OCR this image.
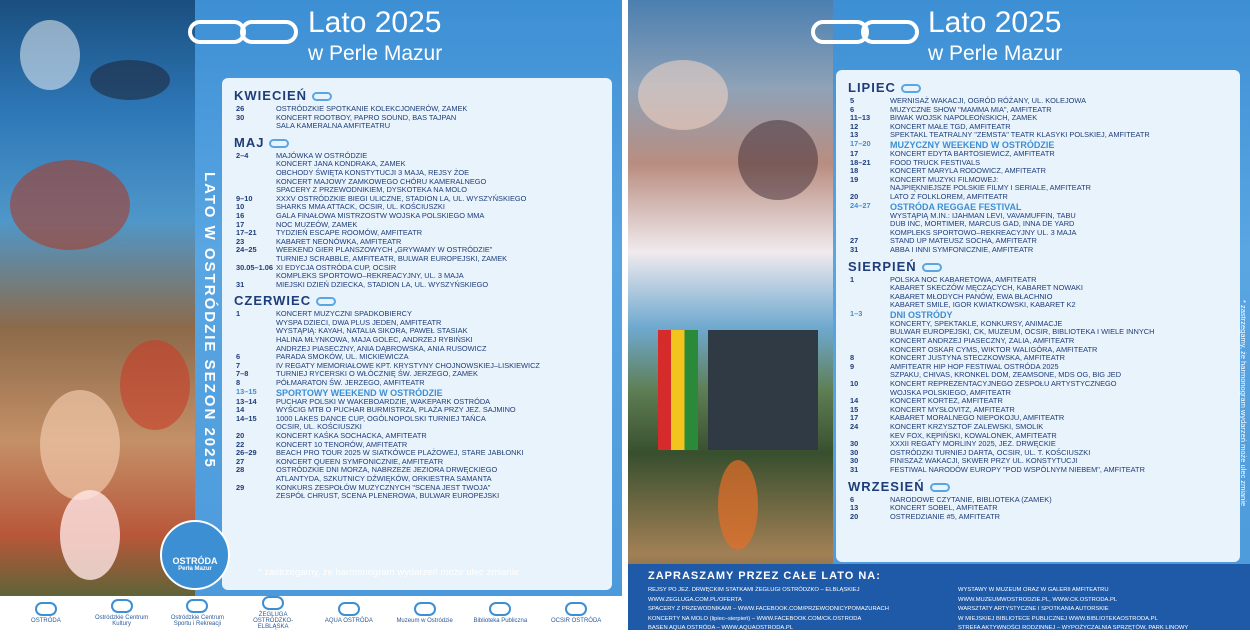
Lato 2025
w Perle Mazur
LATO W OSTRÓDZIE SEZON 2025
KWIECIEŃ
26	OSTRÓDZKIE SPOTKANIE KOLEKCJONERÓW, ZAMEK
30	KONCERT ROOTBOY, PAPRO SOUND, BAS TAJPAN
SALA KAMERALNA AMFITEATRU
MAJ
2–4	MAJÓWKA W OSTRÓDZIE
KONCERT JANA KONDRAKA, ZAMEK
OBCHODY ŚWIĘTA KONSTYTUCJI 3 MAJA, REJSY ŻOE
KONCERT MAJOWY ZAMKOWEGO CHÓRU KAMERALNEGO
SPACERY Z PRZEWODNIKIEM, DYSKOTEKA NA MOLO
9–10	XXXV OSTRÓDZKIE BIEGI ULICZNE, STADION LA, UL. WYSZYŃSKIEGO
10	SHARKS MMA ATTACK, OCSIR, UL. KOŚCIUSZKI
16	GALA FINAŁOWA MISTRZOSTW WOJSKA POLSKIEGO MMA
17	NOC MUZEÓW, ZAMEK
17–21	TYDZIEŃ ESCAPE ROOMÓW, AMFITEATR
23	KABARET NEONÓWKA, AMFITEATR
24–25	WEEKEND GIER PLANSZOWYCH „GRYWAMY W OSTRÓDZIE"
TURNIEJ SCRABBLE, AMFITEATR, BULWAR EUROPEJSKI, ZAMEK
30.05–1.06 XI EDYCJA OSTRÓDA CUP, OCSIR
KOMPLEKS SPORTOWO–REKREACYJNY, UL. 3 MAJA
31	MIEJSKI DZIEŃ DZIECKA, STADION LA, UL. WYSZYŃSKIEGO
CZERWIEC
1	KONCERT MUZYCZNI SPADKOBIERCY
WYSPA DZIECI, DWA PLUS JEDEN, AMFITEATR
WYSTĄPIĄ: KAYAH, NATALIA SIKORA, PAWEŁ STASIAK
HALINA MŁYNKOWA, MAJA GOLEC, ANDRZEJ RYBIŃSKI
ANDRZEJ PIASECZNY, ANIA DĄBROWSKA, ANIA RUSOWICZ
6	PARADA SMOKÓW, UL. MICKIEWICZA
7	IV REGATY MEMORIAŁOWE KPT. KRYSTYNY CHOJNOWSKIEJ–LISKIEWICZ
7–8	TURNIEJ RYCERSKI O WŁÓCZNIĘ ŚW. JERZEGO, ZAMEK
8	PÓŁMARATON ŚW. JERZEGO, AMFITEATR
13–15	SPORTOWY WEEKEND W OSTRÓDZIE
13–14	PUCHAR POLSKI W WAKEBOARDZIE, WAKEPARK OSTRÓDA
14	WYŚCIG MTB O PUCHAR BURMISTRZA, PLAŻA PRZY JEZ. SAJMINO
14–15	1000 LAKES DANCE CUP, OGÓLNOPOLSKI TURNIEJ TAŃCA
OCSIR, UL. KOŚCIUSZKI
20	KONCERT KAŚKA SOCHACKA, AMFITEATR
22	KONCERT 10 TENORÓW, AMFITEATR
26–29	BEACH PRO TOUR 2025 W SIATKÓWCE PLAŻOWEJ, STARE JABŁONKI
27	KONCERT QUEEN SYMFONICZNIE, AMFITEATR
28	OSTRÓDZKIE DNI MORZA, NABRZEŻE JEZIORA DRWĘCKIEGO
ATLANTYDA, SZKUTNICY DŹWIĘKÓW, ORKIESTRA SAMANTA
29	KONKURS ZESPOŁÓW MUZYCZNYCH "SCENA JEST TWOJA"
ZESPÓŁ CHRUST, SCENA PLENEROWA, BULWAR EUROPEJSKI
OSTRÓDA
Perła Mazur	* zastrzegamy, że harmonogram wydarzeń może ulec zmianie
OSTRÓDA	Ostródzkie Centrum Kultury
Ostródzkie Centrum Sportu i Rekreacji
ŻEGLUGA OSTRÓDZKO-ELBLĄSKA
AQUA OSTRÓDA	Muzeum w Ostródzie	Biblioteka Publiczna	OCSIR OSTRÓDA
Lato 2025
w Perle Mazur
LIPIEC
5	WERNISAŻ WAKACJI, OGRÓD RÓŻANY, UL. KOLEJOWA
6	MUZYCZNE SHOW "MAMMA MIA", AMFITEATR
11–13	BIWAK WOJSK NAPOLEOŃSKICH, ZAMEK
12	KONCERT MAŁE TGD, AMFITEATR
13	SPEKTAKL TEATRALNY "ZEMSTA" TEATR KLASYKI POLSKIEJ, AMFITEATR
17–20	MUZYCZNY WEEKEND W OSTRÓDZIE
17	KONCERT EDYTA BARTOSIEWICZ, AMFITEATR
18–21	FOOD TRUCK FESTIVALS
18	KONCERT MARYLA RODOWICZ, AMFITEATR
19	KONCERT MUZYKI FILMOWEJ:
NAJPIĘKNIEJSZE POLSKIE FILMY I SERIALE, AMFITEATR
20	LATO Z FOLKLOREM, AMFITEATR
24–27	OSTRÓDA REGGAE FESTIVAL
WYSTĄPIĄ M.IN.: IJAHMAN LEVI, VAVAMUFFIN, TABU
DUB INC, MORTIMER, MARCUS GAD, INNA DE YARD
KOMPLEKS SPORTOWO–REKREACYJNY UL. 3 MAJA
27	STAND UP MATEUSZ SOCHA, AMFITEATR
31	ABBA I INNI SYMFONICZNIE, AMFITEATR
SIERPIEŃ
1	POLSKA NOC KABARETOWA, AMFITEATR
KABARET SKECZÓW MĘCZĄCYCH, KABARET NOWAKI
KABARET MŁODYCH PANÓW, EWA BŁACHNIO
KABARET SMILE, IGOR KWIATKOWSKI, KABARET K2
1–3	DNI OSTRÓDY
KONCERTY, SPEKTAKLE, KONKURSY, ANIMACJE
BULWAR EUROPEJSKI, CK, MUZEUM, OCSIR, BIBLIOTEKA I WIELE INNYCH
KONCERT ANDRZEJ PIASECZNY, ZALIA, AMFITEATR
KONCERT OSKAR CYMS, WIKTOR WALIGÓRA, AMFITEATR
8	KONCERT JUSTYNA STECZKOWSKA, AMFITEATR
9	AMFITEATR HIP HOP FESTIWAL OSTRÓDA 2025
SZPAKU, CHIVAS, KRONKEL DOM, ZEAMSONE, MDS OG, BIG JED
10	KONCERT REPREZENTACYJNEGO ZESPOŁU ARTYSTYCZNEGO
WOJSKA POLSKIEGO, AMFITEATR
14	KONCERT KORTEZ, AMFITEATR
15	KONCERT MYSŁOVITZ, AMFITEATR
17	KABARET MORALNEGO NIEPOKOJU, AMFITEATR
24	KONCERT KRZYSZTOF ZALEWSKI, SMOLIK
KEV FOX, KĘPIŃSKI, KOWALONEK, AMFITEATR
30	XXXII REGATY MORLINY 2025, JEZ. DRWĘCKIE
30	OSTRÓDZKI TURNIEJ DARTA, OCSIR, UL. T. KOŚCIUSZKI
30	FINISZAŻ WAKACJI, SKWER PRZY UL. KONSTYTUCJI
31	FESTIWAL NARODÓW EUROPY "POD WSPÓLNYM NIEBEM", AMFITEATR
WRZESIEŃ
6	NARODOWE CZYTANIE, BIBLIOTEKA (ZAMEK)
13	KONCERT SOBEL, AMFITEATR
20	OSTREDZIANIE #5, AMFITEATR
* zastrzegamy, że harmonogram wydarzeń może ulec zmianie
ZAPRASZAMY PRZEZ CAŁE LATO NA:
REJSY PO JEZ. DRWĘCKIM STATKAMI ŻEGLUGI OSTRÓDZKO – ELBLĄSKIEJ
WWW.ZEGLUGA.COM.PL/OFERTA
SPACERY Z PRZEWODNIKAMI – WWW.FACEBOOK.COM/PRZEWODNICYPOMAZURACH
KONCERTY NA MOLO (lipiec–sierpień) – WWW.FACEBOOK.COM/CK.OSTRODA
BASEN AQUA OSTRÓDA – WWW.AQUAOSTRODA.PL
WYSTAWY W MUZEUM ORAZ W GALERII AMFITEATRU
WWW.MUZEUMWOSTRODZIE.PL, WWW.CK.OSTRODA.PL
WARSZTATY ARTYSTYCZNE I SPOTKANIA AUTORSKIE
W MIEJSKIEJ BIBLIOTECE PUBLICZNEJ WWW.BIBLIOTEKAOSTRODA.PL
STREFA AKTYWNOŚCI RODZINNEJ – WYPOŻYCZALNIA SPRZĘTÓW, PARK LINOWY
PARK COLLISA – MINI GOLF, LINARIUM, PUMPTRACK, GOKARTY – WWW.OCSIR.PL
